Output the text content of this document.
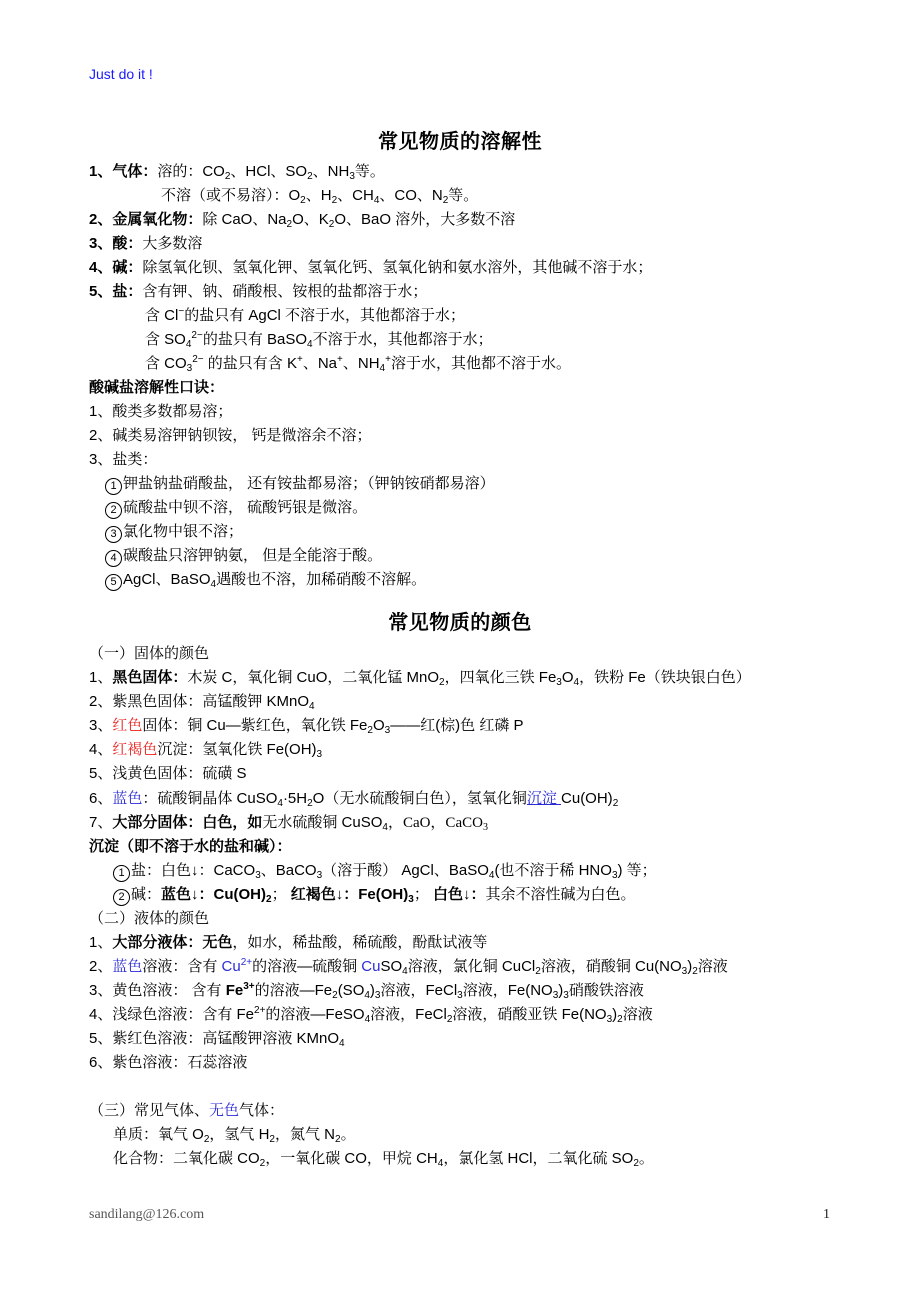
Just do it !
常见物质的溶解性
常见物质的颜色
1、气体：溶的：$CO_2$、HCl、$SO_2$、$NH_3$等。
不溶（或不易溶）：$O_2$、$H_2$、$CH_4$、CO、$N_2$等。
2、金属氧化物：除 CaO、$Na_2O$、$K_2O$、BaO 溶外，大多数不溶
3、酸：大多数溶
4、碱：除氢氧化钡、氢氧化钾、氢氧化钙、氢氧化钠和氨水溶外，其他碱不溶于水；
5、盐：含有钾、钠、硝酸根、铵根的盐都溶于水；
含 Cl−的盐只有 AgCl 不溶于水，其他都溶于水；
含 $SO_4^{2-}$的盐只有 BaSO$_4$不溶于水，其他都溶于水；
含 $CO_3^{2-}$ 的盐只有含 K+、Na+、$NH_4^+$溶于水，其他都不溶于水。
酸碱盐溶解性口诀：
1、酸类多数都易溶；
2、碱类易溶钾钠钡铵， 钙是微溶余不溶；
3、盐类：
1 钾盐钠盐硝酸盐， 还有铵盐都易溶；（钾钠铵硝都易溶）
2 硫酸盐中钡不溶， 硫酸钙银是微溶。
3 氯化物中银不溶；
4 碳酸盐只溶钾钠氨， 但是全能溶于酸。
5 AgCl、BaSO$_4$遇酸也不溶，加稀硝酸不溶解。
（一）固体的颜色
1、黑色固体：木炭 C，氧化铜 CuO，二氧化锰 MnO$_2$，四氧化三铁 $Fe_3O_4$，铁粉 Fe（铁块银白色）
2、紫黑色固体：高锰酸钾 KMnO$_4$
3、红色固体：铜 Cu—紫红色，氧化铁 $Fe_2O_3——$红(棕)色 红磷 P
4、红褐色沉淀：氢氧化铁 $Fe(OH)_3$
5、浅黄色固体：硫磺 S
6、蓝色：硫酸铜晶体 $CuSO_4\cdot 5H_2O$（无水硫酸铜白色），氢氧化铜沉淀 $Cu(OH)_2$
7、大部分固体：白色，如无水硫酸铜 CuSO$_4$，CaO，CaCO$_3$
沉淀（即不溶于水的盐和碱）：
1 盐：白色↓：CaCO$_3$、BaCO$_3$（溶于酸） AgCl、BaSO$_4$(也不溶于稀 $HNO_3$) 等；
2 碱：蓝色↓：$Cu(OH)_2$； 红褐色↓：$Fe(OH)_3$； 白色↓：其余不溶性碱为白色。
（二）液体的颜色
1、大部分液体：无色，如水，稀盐酸，稀硫酸，酚酞试液等
2、蓝色溶液：含有 $Cu^{2+}$的溶液—硫酸铜 CuSO$_4$溶液，氯化铜 CuCl$_2$溶液，硝酸铜 $Cu(NO_3)_2$溶液
3、黄色溶液： 含有 $Fe^{3+}$的溶液$—Fe_2(SO_4)_3$溶液，FeCl$_3$溶液，$Fe(NO_3)_3$硝酸铁溶液
4、浅绿色溶液：含有 $Fe^{2+}$的溶液—FeSO$_4$溶液，FeCl$_2$溶液，硝酸亚铁 $Fe(NO_3)_2$溶液
5、紫红色溶液：高锰酸钾溶液 KMnO$_4$
6、紫色溶液：石蕊溶液
（三）常见气体、无色气体：
单质：氧气 $O_2$，氢气 $H_2$，氮气 $N_2$。
化合物：二氧化碳 $CO_2$，一氧化碳 CO，甲烷 $CH_4$，氯化氢 HCl，二氧化硫 $SO_2$。
sandilang@126.com	1
